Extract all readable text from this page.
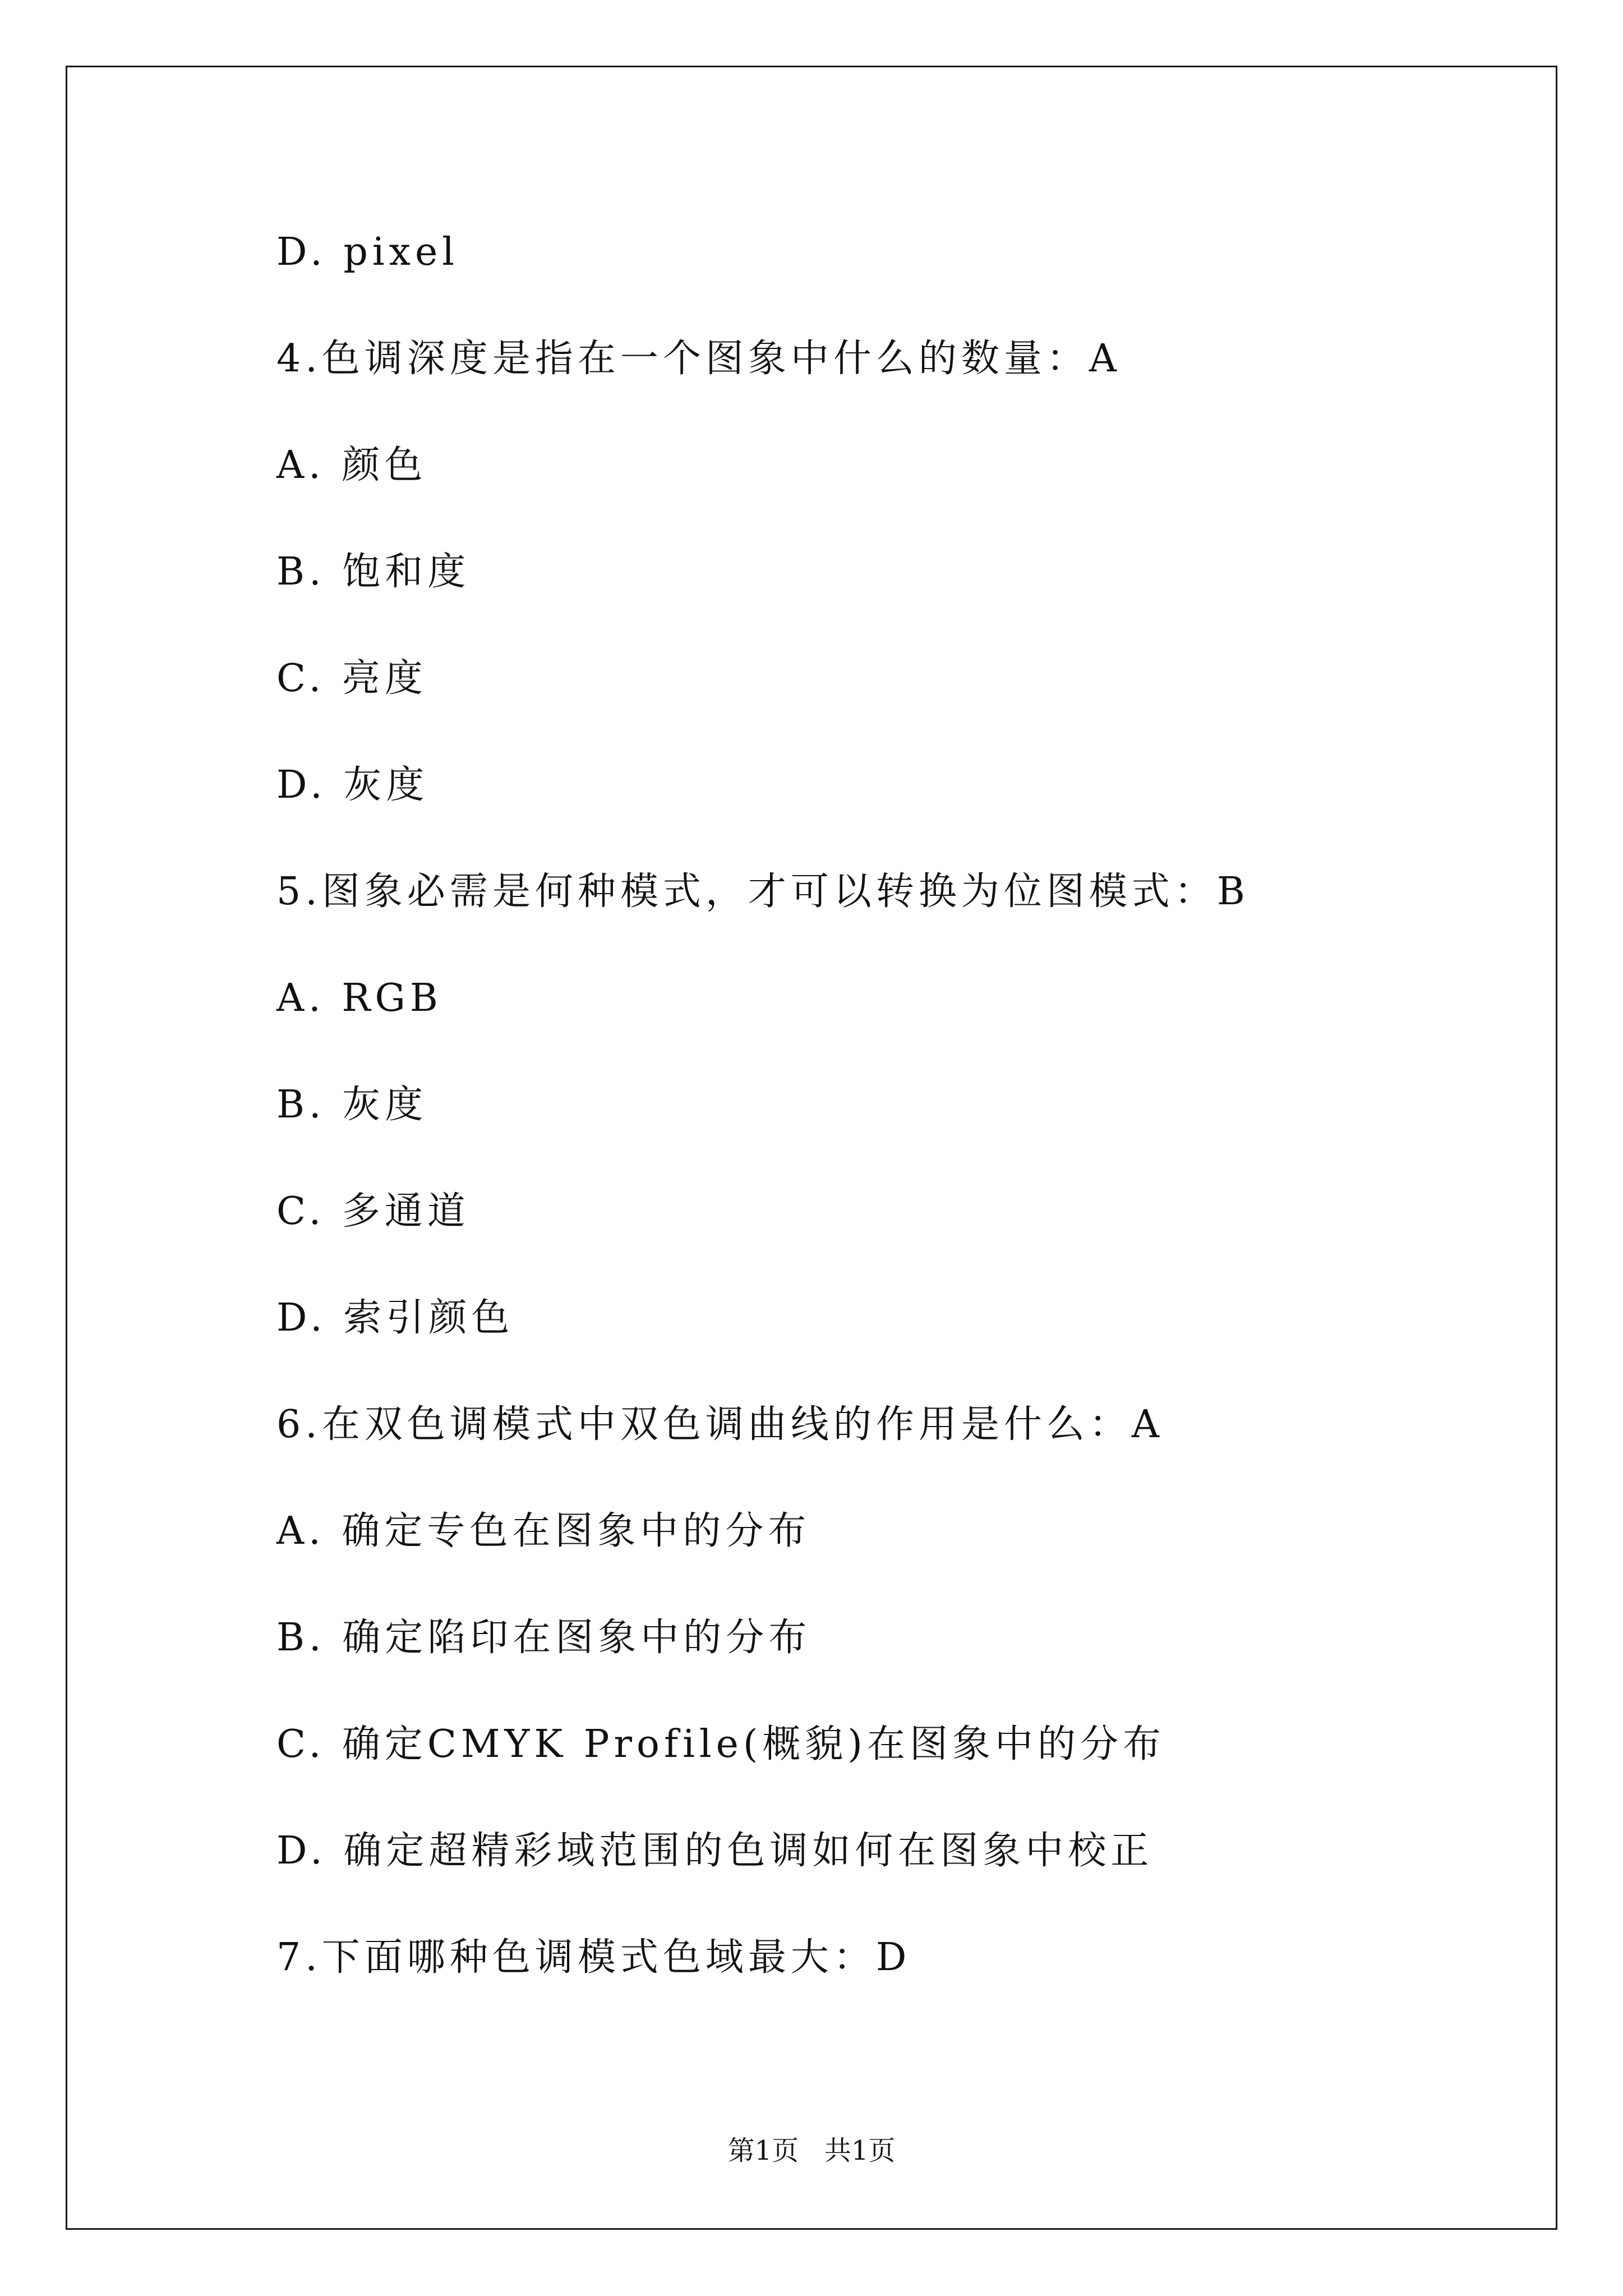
D. pixel
4.色调深度是指在一个图象中什么的数量：A
A. 颜色
B. 饱和度
C. 亮度
D. 灰度
5.图象必需是何种模式，才可以转换为位图模式：B
A. RGB
B. 灰度
C. 多通道
D. 索引颜色
6.在双色调模式中双色调曲线的作用是什么：A
A. 确定专色在图象中的分布
B. 确定陷印在图象中的分布
C. 确定CMYK Profile(概貌)在图象中的分布
D. 确定超精彩域范围的色调如何在图象中校正
7.下面哪种色调模式色域最大：D
第1页   共1页
